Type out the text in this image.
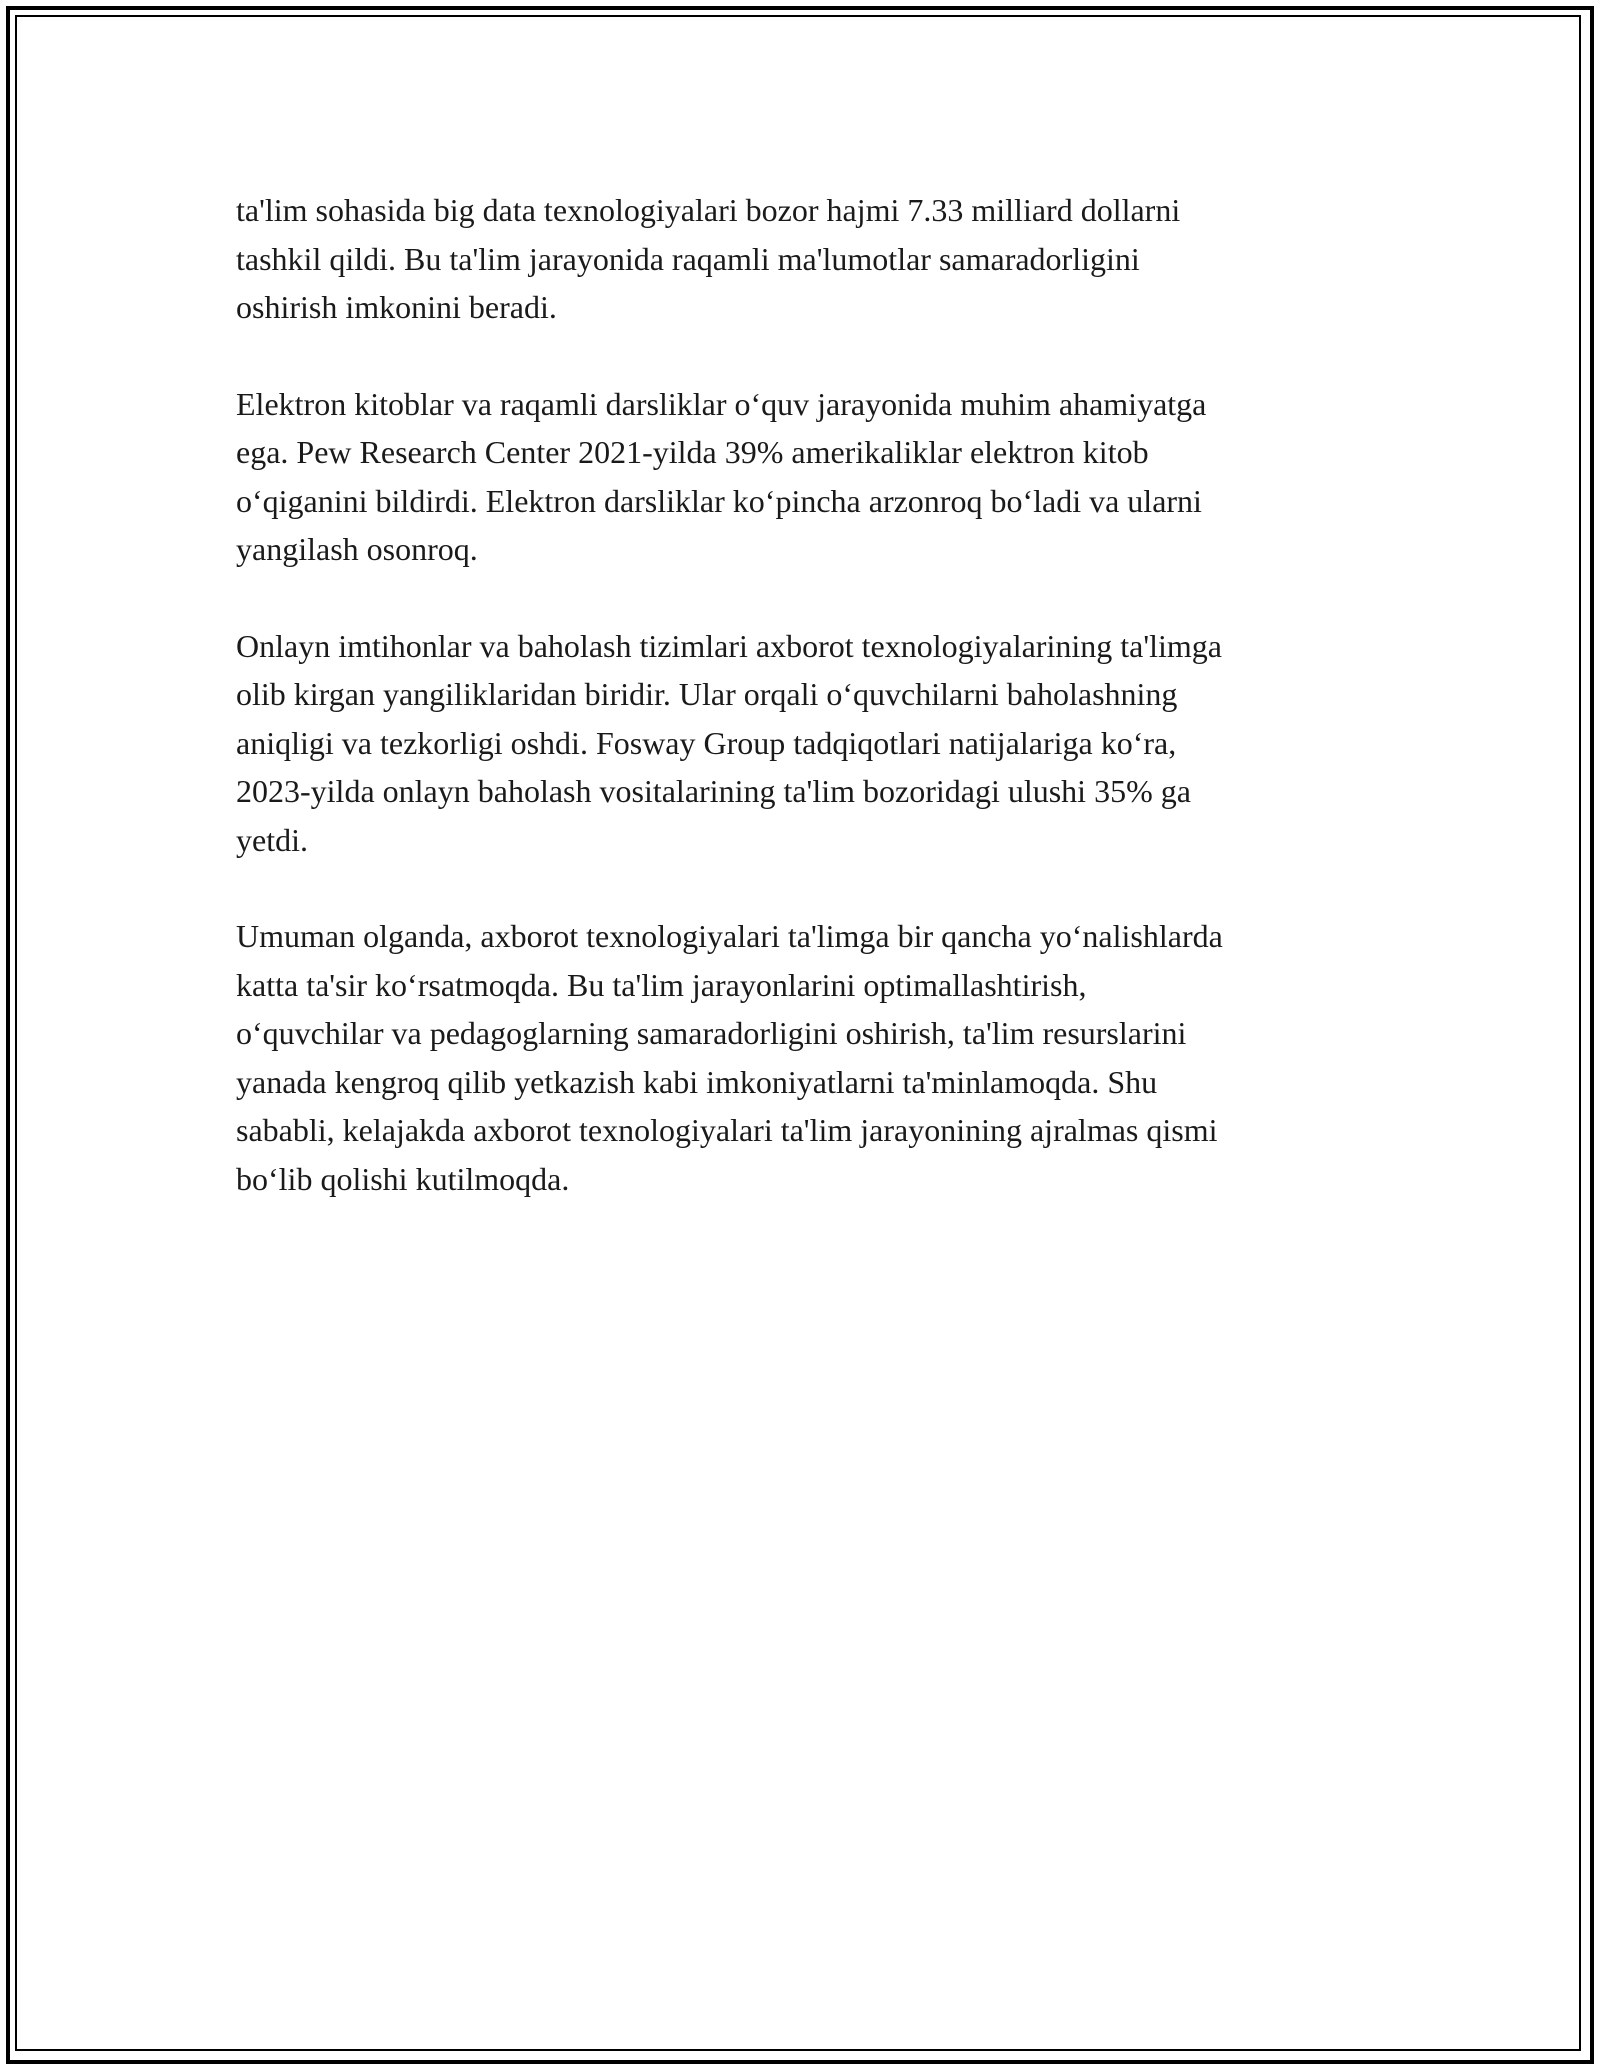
ta'lim sohasida big data texnologiyalari bozor hajmi 7.33 milliard dollarni
tashkil qildi. Bu ta'lim jarayonida raqamli ma'lumotlar samaradorligini
oshirish imkonini beradi.

Elektron kitoblar va raqamli darsliklar o‘quv jarayonida muhim ahamiyatga
ega. Pew Research Center 2021-yilda 39% amerikaliklar elektron kitob
o‘qiganini bildirdi. Elektron darsliklar ko‘pincha arzonroq bo‘ladi va ularni
yangilash osonroq.

Onlayn imtihonlar va baholash tizimlari axborot texnologiyalarining ta'limga
olib kirgan yangiliklaridan biridir. Ular orqali o‘quvchilarni baholashning
aniqligi va tezkorligi oshdi. Fosway Group tadqiqotlari natijalariga ko‘ra,
2023-yilda onlayn baholash vositalarining ta'lim bozoridagi ulushi 35% ga
yetdi.

Umuman olganda, axborot texnologiyalari ta'limga bir qancha yo‘nalishlarda
katta ta'sir ko‘rsatmoqda. Bu ta'lim jarayonlarini optimallashtirish,
o‘quvchilar va pedagoglarning samaradorligini oshirish, ta'lim resurslarini
yanada kengroq qilib yetkazish kabi imkoniyatlarni ta'minlamoqda. Shu
sababli, kelajakda axborot texnologiyalari ta'lim jarayonining ajralmas qismi
bo‘lib qolishi kutilmoqda.
